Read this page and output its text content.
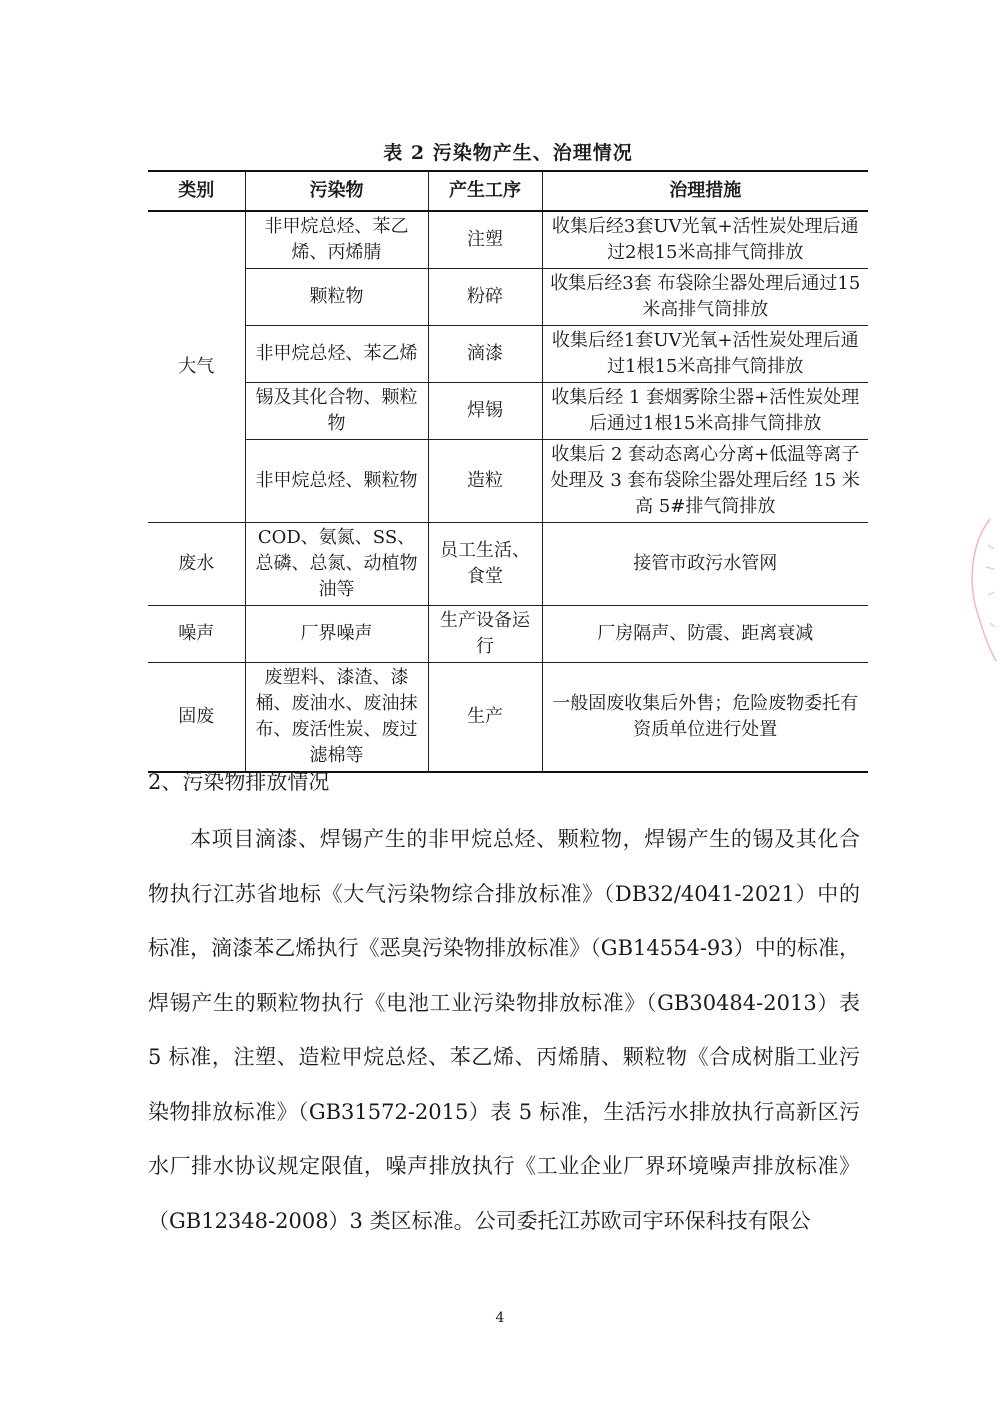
表 2 污染物产生、治理情况
类别	污染物	产生工序	治理措施
大气	非甲烷总烃、苯乙烯、丙烯腈	注塑	收集后经3套UV光氧+活性炭处理后通过2根15米高排气筒排放
	颗粒物	粉碎	收集后经3套 布袋除尘器处理后通过15米高排气筒排放
	非甲烷总烃、苯乙烯	滴漆	收集后经1套UV光氧+活性炭处理后通过1根15米高排气筒排放
	锡及其化合物、颗粒物	焊锡	收集后经 1 套烟雾除尘器+活性炭处理后通过1根15米高排气筒排放
	非甲烷总烃、颗粒物	造粒	收集后 2 套动态离心分离+低温等离子处理及 3 套布袋除尘器处理后经 15 米高 5#排气筒排放
废水	COD、氨氮、SS、总磷、总氮、动植物油等	员工生活、食堂	接管市政污水管网
噪声	厂界噪声	生产设备运行	厂房隔声、防震、距离衰减
固废	废塑料、漆渣、漆桶、废油水、废油抹布、废活性炭、废过滤棉等	生产	一般固废收集后外售；危险废物委托有资质单位进行处置
2、污染物排放情况
本项目滴漆、焊锡产生的非甲烷总烃、颗粒物，焊锡产生的锡及其化合物执行江苏省地标《大气污染物综合排放标准》（DB32/4041-2021）中的标准，滴漆苯乙烯执行《恶臭污染物排放标准》（GB14554-93）中的标准，焊锡产生的颗粒物执行《电池工业污染物排放标准》（GB30484-2013）表 5 标准，注塑、造粒甲烷总烃、苯乙烯、丙烯腈、颗粒物《合成树脂工业污染物排放标准》（GB31572-2015）表 5 标准，生活污水排放执行高新区污水厂排水协议规定限值，噪声排放执行《工业企业厂界环境噪声排放标准》（GB12348-2008）3 类区标准。公司委托江苏欧司宇环保科技有限公
4
